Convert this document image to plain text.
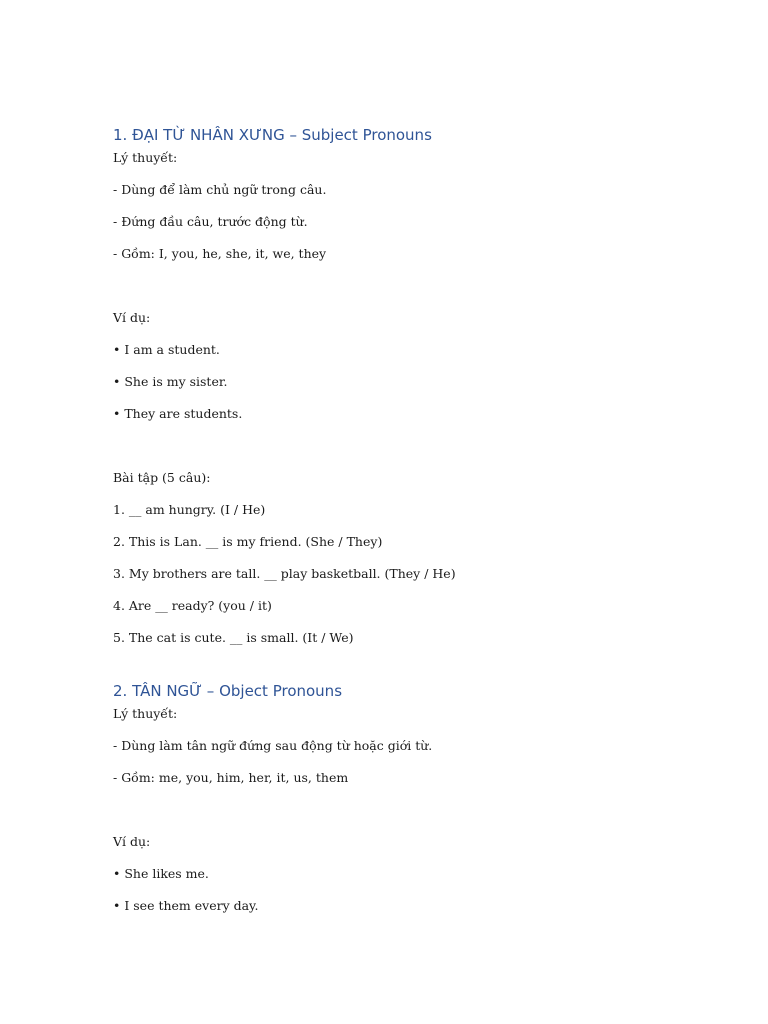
1. ĐẠI TỪ NHÂN XƯNG – Subject Pronouns

Lý thuyết:

- Dùng để làm chủ ngữ trong câu.

- Đứng đầu câu, trước động từ.

- Gồm: I, you, he, she, it, we, they

Ví dụ:

• I am a student.

• She is my sister.

• They are students.

Bài tập (5 câu):

1. __ am hungry. (I / He)

2. This is Lan. __ is my friend. (She / They)

3. My brothers are tall. __ play basketball. (They / He)

4. Are __ ready? (you / it)

5. The cat is cute. __ is small. (It / We)

2. TÂN NGỮ – Object Pronouns

Lý thuyết:

- Dùng làm tân ngữ đứng sau động từ hoặc giới từ.

- Gồm: me, you, him, her, it, us, them

Ví dụ:

• She likes me.

• I see them every day.
